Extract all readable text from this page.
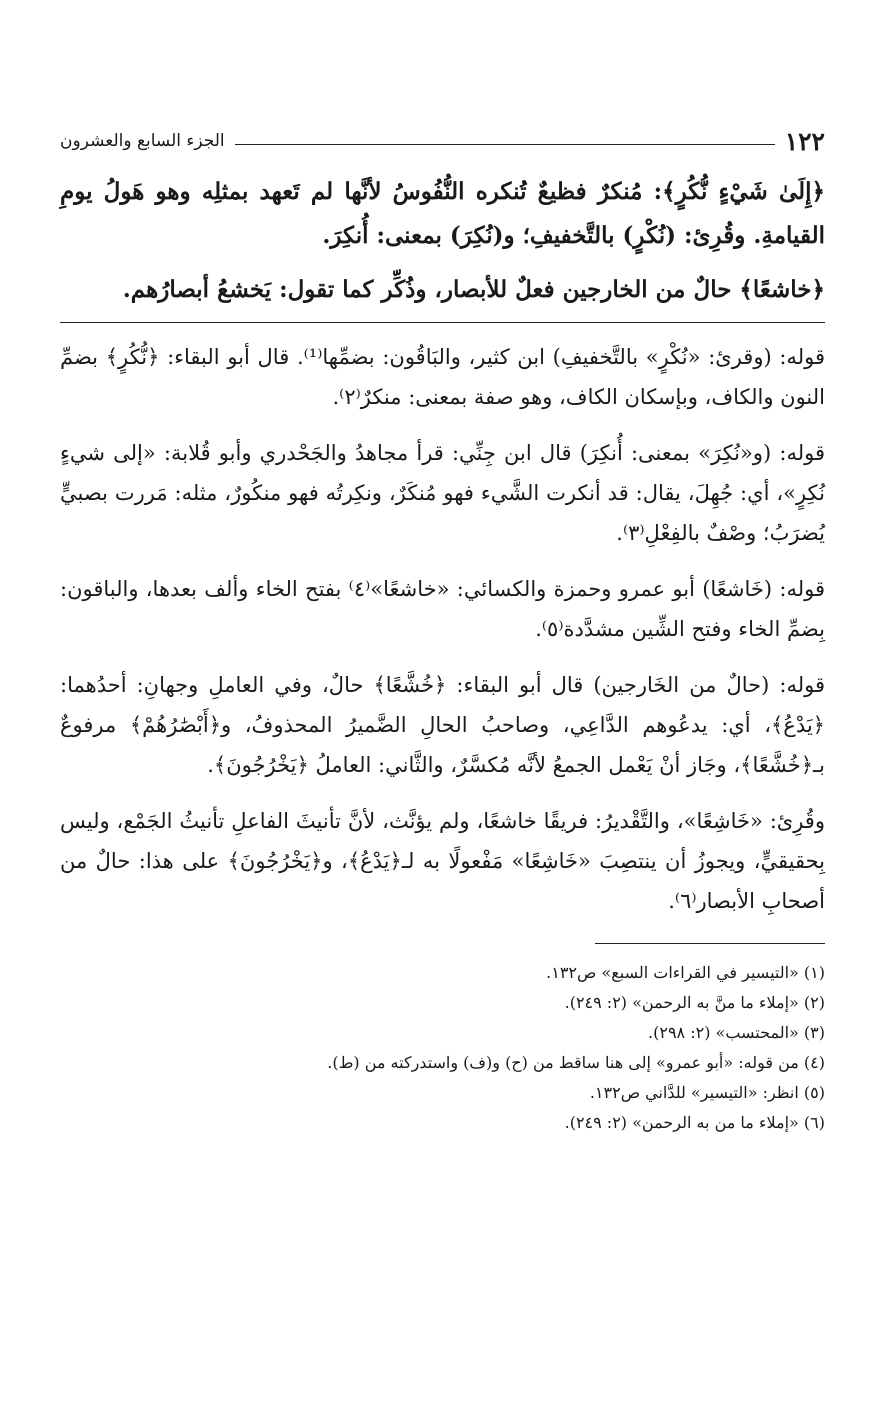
١٢٢
الجزء السابع والعشرون

﴿إِلَىٰ شَيْءٍ نُّكُرٍ﴾: مُنكرٌ فظيعٌ تُنكره النُّفُوسُ لأنَّها لم تَعهد بمثلِه وهو هَولُ يومِ القيامةِ. وقُرِئ: (نُكْرٍ) بالتَّخفيفِ؛ و(نُكِرَ) بمعنى: أُنكِرَ.

﴿خاشعًا﴾ حالٌ من الخارجين فعلٌ للأبصار، وذُكِّر كما تقول: يَخشعُ أبصارُهم.

قوله: (وقرئ: «نُكْرٍ» بالتَّخفيفِ) ابن كثير، والبَاقُون: بضمِّها⁽¹⁾. قال أبو البقاء: ﴿نُّكُرٍ﴾ بضمِّ النون والكاف، وبإسكان الكاف، وهو صفة بمعنى: منكرٌ⁽٢⁾.

قوله: (و«نُكِرَ» بمعنى: أُنكِرَ) قال ابن جِنِّي: قرأ مجاهدُ والجَحْدري وأبو قُلابة: «إلى شيءٍ نُكِرٍ»، أي: جُهِلَ، يقال: قد أنكرت الشَّيء فهو مُنكَرٌ، ونكِرتُه فهو منكُورٌ، مثله: مَررت بصبيٍّ يُضرَبُ؛ وصْفٌ بالفِعْلِ⁽٣⁾.

قوله: (خَاشعًا) أبو عمرو وحمزة والكسائي: «خاشعًا»⁽٤⁾ بفتح الخاء وألف بعدها، والباقون: بِضمِّ الخاء وفتح الشِّين مشدَّدة⁽٥⁾.

قوله: (حالٌ من الخَارجين) قال أبو البقاء: ﴿خُشَّعًا﴾ حالٌ، وفي العاملِ وجهانِ: أحدُهما: ﴿يَدْعُ﴾، أي: يدعُوهم الدَّاعِي، وصاحبُ الحالِ الضَّميرُ المحذوفُ، و﴿أَبْصَٰرُهُمْ﴾ مرفوعٌ بـ﴿خُشَّعًا﴾، وجَاز أنْ يَعْمل الجمعُ لأنَّه مُكسَّرٌ، والثَّاني: العاملُ ﴿يَخْرُجُونَ﴾.

وقُرِئ: «خَاشِعًا»، والتَّقْديرُ: فريقًا خاشعًا، ولم يؤنَّث، لأنَّ تأنيثَ الفاعلِ تأنيثُ الجَمْع، وليس بِحقيقيٍّ، ويجوزُ أن ينتصِبَ «خَاشِعًا» مَفْعولًا به لـ﴿يَدْعُ﴾، و﴿يَخْرُجُونَ﴾ على هذا: حالٌ من أصحابِ الأبصار⁽٦⁾.

(١) «التيسير في القراءات السبع» ص١٣٢.

(٢) «إملاء ما منَّ به الرحمن» (٢: ٢٤٩).

(٣) «المحتسب» (٢: ٢٩٨).

(٤) من قوله: «أبو عمرو» إلى هنا ساقط من (ح) و(ف) واستدركته من (ط).

(٥) انظر: «التيسير» للدَّاني ص١٣٢.

(٦) «إملاء ما من به الرحمن» (٢: ٢٤٩).
